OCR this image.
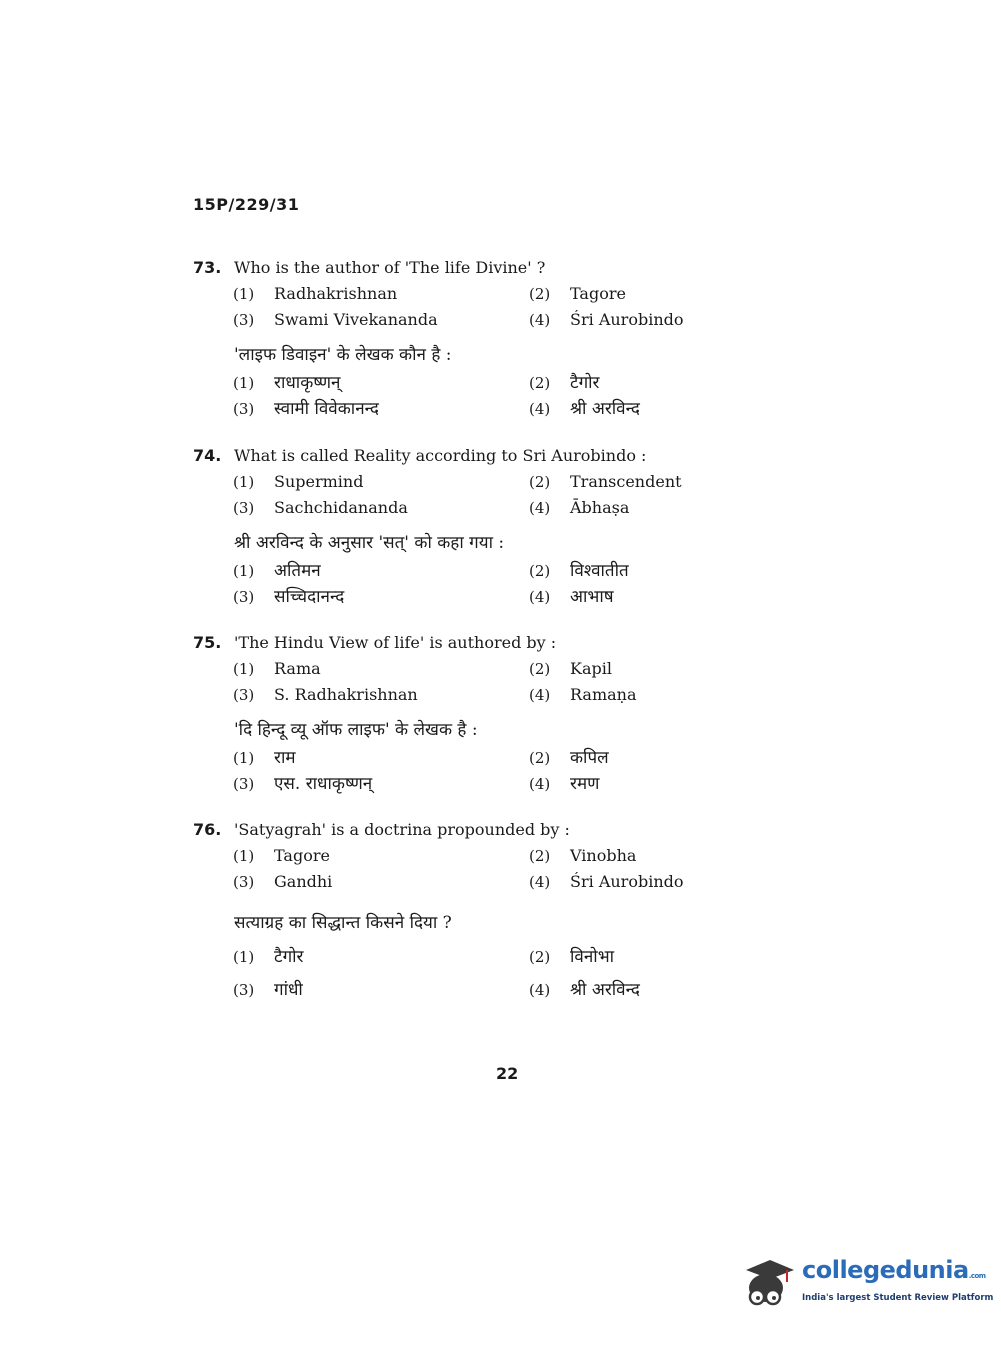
15P/229/31
73. Who is the author of 'The life Divine' ?
(1) Radhakrishnan	(2) Tagore
(3) Swami Vivekananda	(4) Śri Aurobindo
'लाइफ डिवाइन' के लेखक कौन है :
(1) राधाकृष्णन्	(2) टैगोर
(3) स्वामी विवेकानन्द	(4) श्री अरविन्द
74. What is called Reality according to Sri Aurobindo :
(1) Supermind	(2) Transcendent
(3) Sachchidananda	(4) Ābhaṣa
श्री अरविन्द के अनुसार 'सत्' को कहा गया :
(1) अतिमन	(2) विश्वातीत
(3) सच्चिदानन्द	(4) आभाष
75. 'The Hindu View of life' is authored by :
(1) Rama	(2) Kapil
(3) S. Radhakrishnan	(4) Ramaṇa
'दि हिन्दू व्यू ऑफ लाइफ' के लेखक है :
(1) राम	(2) कपिल
(3) एस. राधाकृष्णन्	(4) रमण
76. 'Satyagrah' is a doctrina propounded by :
(1) Tagore	(2) Vinobha
(3) Gandhi	(4) Śri Aurobindo
सत्याग्रह का सिद्धान्त किसने दिया ?
(1) टैगोर	(2) विनोभा
(3) गांधी	(4) श्री अरविन्द
22
collegedunia.com
India's largest Student Review Platform
